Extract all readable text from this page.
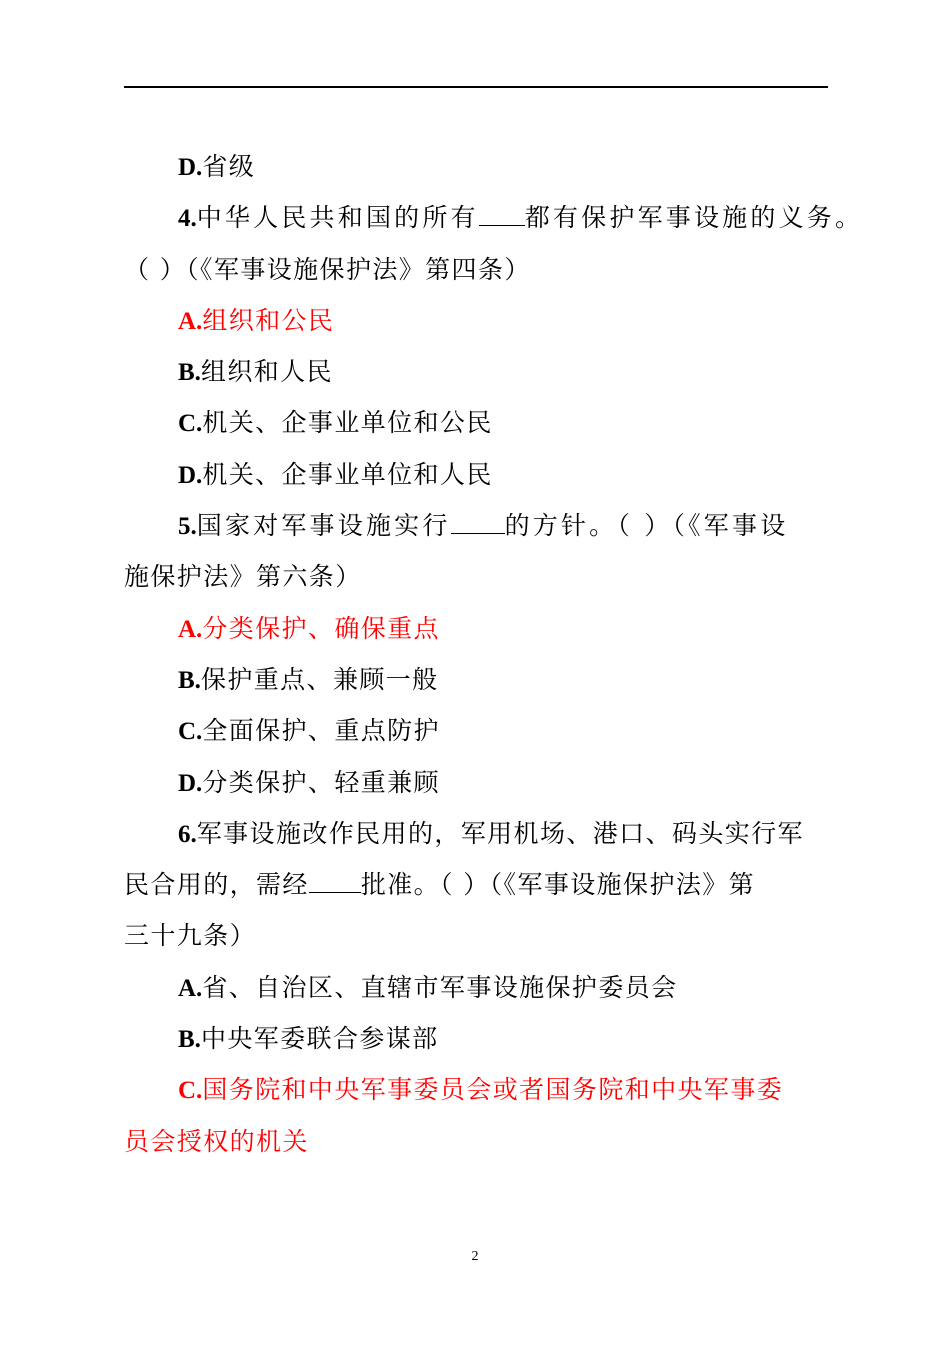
D.省级
4.中华人民共和国的所有 都有保护军事设施的义务。
（ ）（《军事设施保护法》第四条）
A.组织和公民
B.组织和人民
C.机关、企事业单位和公民
D.机关、企事业单位和人民
5.国家对军事设施实行 的方针。（ ）（《军事设
施保护法》第六条）
A.分类保护、确保重点
B.保护重点、兼顾一般
C.全面保护、重点防护
D.分类保护、轻重兼顾
6.军事设施改作民用的，军用机场、港口、码头实行军
民合用的，需经 批准。（ ）（《军事设施保护法》第
三十九条）
A.省、自治区、直辖市军事设施保护委员会
B.中央军委联合参谋部
C.国务院和中央军事委员会或者国务院和中央军事委
员会授权的机关
2
